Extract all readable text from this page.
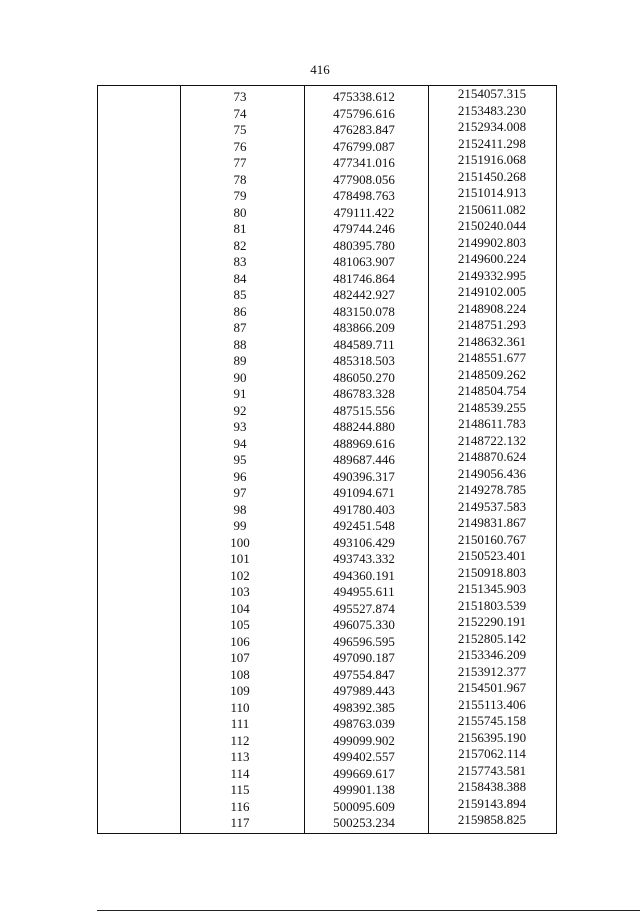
416
73	475338.612	2154057.315
74	475796.616	2153483.230
75	476283.847	2152934.008
76	476799.087	2152411.298
77	477341.016	2151916.068
78	477908.056	2151450.268
79	478498.763	2151014.913
80	479111.422	2150611.082
81	479744.246	2150240.044
82	480395.780	2149902.803
83	481063.907	2149600.224
84	481746.864	2149332.995
85	482442.927	2149102.005
86	483150.078	2148908.224
87	483866.209	2148751.293
88	484589.711	2148632.361
89	485318.503	2148551.677
90	486050.270	2148509.262
91	486783.328	2148504.754
92	487515.556	2148539.255
93	488244.880	2148611.783
94	488969.616	2148722.132
95	489687.446	2148870.624
96	490396.317	2149056.436
97	491094.671	2149278.785
98	491780.403	2149537.583
99	492451.548	2149831.867
100	493106.429	2150160.767
101	493743.332	2150523.401
102	494360.191	2150918.803
103	494955.611	2151345.903
104	495527.874	2151803.539
105	496075.330	2152290.191
106	496596.595	2152805.142
107	497090.187	2153346.209
108	497554.847	2153912.377
109	497989.443	2154501.967
110	498392.385	2155113.406
111	498763.039	2155745.158
112	499099.902	2156395.190
113	499402.557	2157062.114
114	499669.617	2157743.581
115	499901.138	2158438.388
116	500095.609	2159143.894
117	500253.234	2159858.825
